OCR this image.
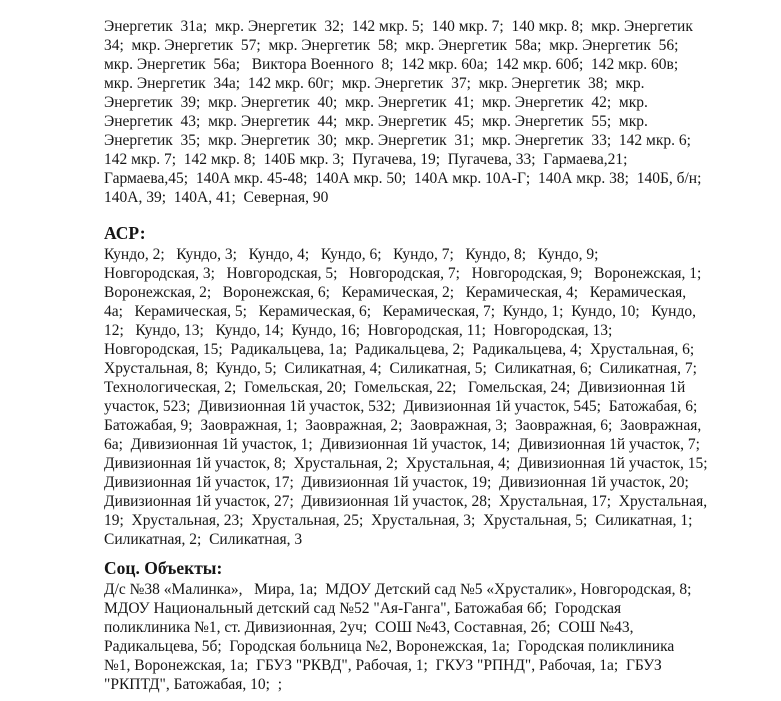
Энергетик  31а;  мкр. Энергетик  32;  142 мкр. 5;  140 мкр. 7;  140 мкр. 8;  мкр. Энергетик
34;  мкр. Энергетик  57;  мкр. Энергетик  58;  мкр. Энергетик  58а;  мкр. Энергетик  56;
мкр. Энергетик  56а;   Виктора Военного  8;  142 мкр. 60а;  142 мкр. 60б;  142 мкр. 60в;
мкр. Энергетик  34а;  142 мкр. 60г;  мкр. Энергетик  37;  мкр. Энергетик  38;  мкр.
Энергетик  39;  мкр. Энергетик  40;  мкр. Энергетик  41;  мкр. Энергетик  42;  мкр.
Энергетик  43;  мкр. Энергетик  44;  мкр. Энергетик  45;  мкр. Энергетик  55;  мкр.
Энергетик  35;  мкр. Энергетик  30;  мкр. Энергетик  31;  мкр. Энергетик  33;  142 мкр. 6;
142 мкр. 7;  142 мкр. 8;  140Б мкр. 3;  Пугачева, 19;  Пугачева, 33;  Гармаева,21;
Гармаева,45;  140А мкр. 45-48;  140А мкр. 50;  140А мкр. 10А-Г;  140А мкр. 38;  140Б, б/н;
140А, 39;  140А, 41;  Северная, 90
АСР:
Кундо, 2;   Кундо, 3;   Кундо, 4;   Кундо, 6;   Кундо, 7;   Кундо, 8;   Кундо, 9;
Новгородская, 3;   Новгородская, 5;   Новгородская, 7;   Новгородская, 9;   Воронежская, 1;
Воронежская, 2;   Воронежская, 6;   Керамическая, 2;   Керамическая, 4;   Керамическая,
4а;   Керамическая, 5;   Керамическая, 6;   Керамическая, 7;  Кундо, 1;  Кундо, 10;   Кундо,
12;   Кундо, 13;   Кундо, 14;  Кундо, 16;  Новгородская, 11;  Новгородская, 13;
Новгородская, 15;  Радикальцева, 1а;  Радикальцева, 2;  Радикальцева, 4;  Хрустальная, 6;
Хрустальная, 8;  Кундо, 5;  Силикатная, 4;  Силикатная, 5;  Силикатная, 6;  Силикатная, 7;
Технологическая, 2;  Гомельская, 20;  Гомельская, 22;   Гомельская, 24;  Дивизионная 1й
участок, 523;  Дивизионная 1й участок, 532;  Дивизионная 1й участок, 545;  Батожабая, 6;
Батожабая, 9;  Заовражная, 1;  Заовражная, 2;  Заовражная, 3;  Заовражная, 6;  Заовражная,
6а;  Дивизионная 1й участок, 1;  Дивизионная 1й участок, 14;  Дивизионная 1й участок, 7;
Дивизионная 1й участок, 8;  Хрустальная, 2;  Хрустальная, 4;  Дивизионная 1й участок, 15;
Дивизионная 1й участок, 17;  Дивизионная 1й участок, 19;  Дивизионная 1й участок, 20;
Дивизионная 1й участок, 27;  Дивизионная 1й участок, 28;  Хрустальная, 17;  Хрустальная,
19;  Хрустальная, 23;  Хрустальная, 25;  Хрустальная, 3;  Хрустальная, 5;  Силикатная, 1;
Силикатная, 2;  Силикатная, 3
Соц. Объекты:
Д/с №38 «Малинка»,   Мира, 1а;  МДОУ Детский сад №5 «Хрусталик», Новгородская, 8;
МДОУ Национальный детский сад №52 "Ая-Ганга", Батожабая 6б;  Городская
поликлиника №1, ст. Дивизионная, 2уч;  СОШ №43, Составная, 2б;  СОШ №43,
Радикальцева, 5б;  Городская больница №2, Воронежская, 1а;  Городская поликлиника
№1, Воронежская, 1а;  ГБУЗ "РКВД", Рабочая, 1;  ГКУЗ "РПНД", Рабочая, 1а;  ГБУЗ
"РКПТД", Батожабая, 10;  ;
